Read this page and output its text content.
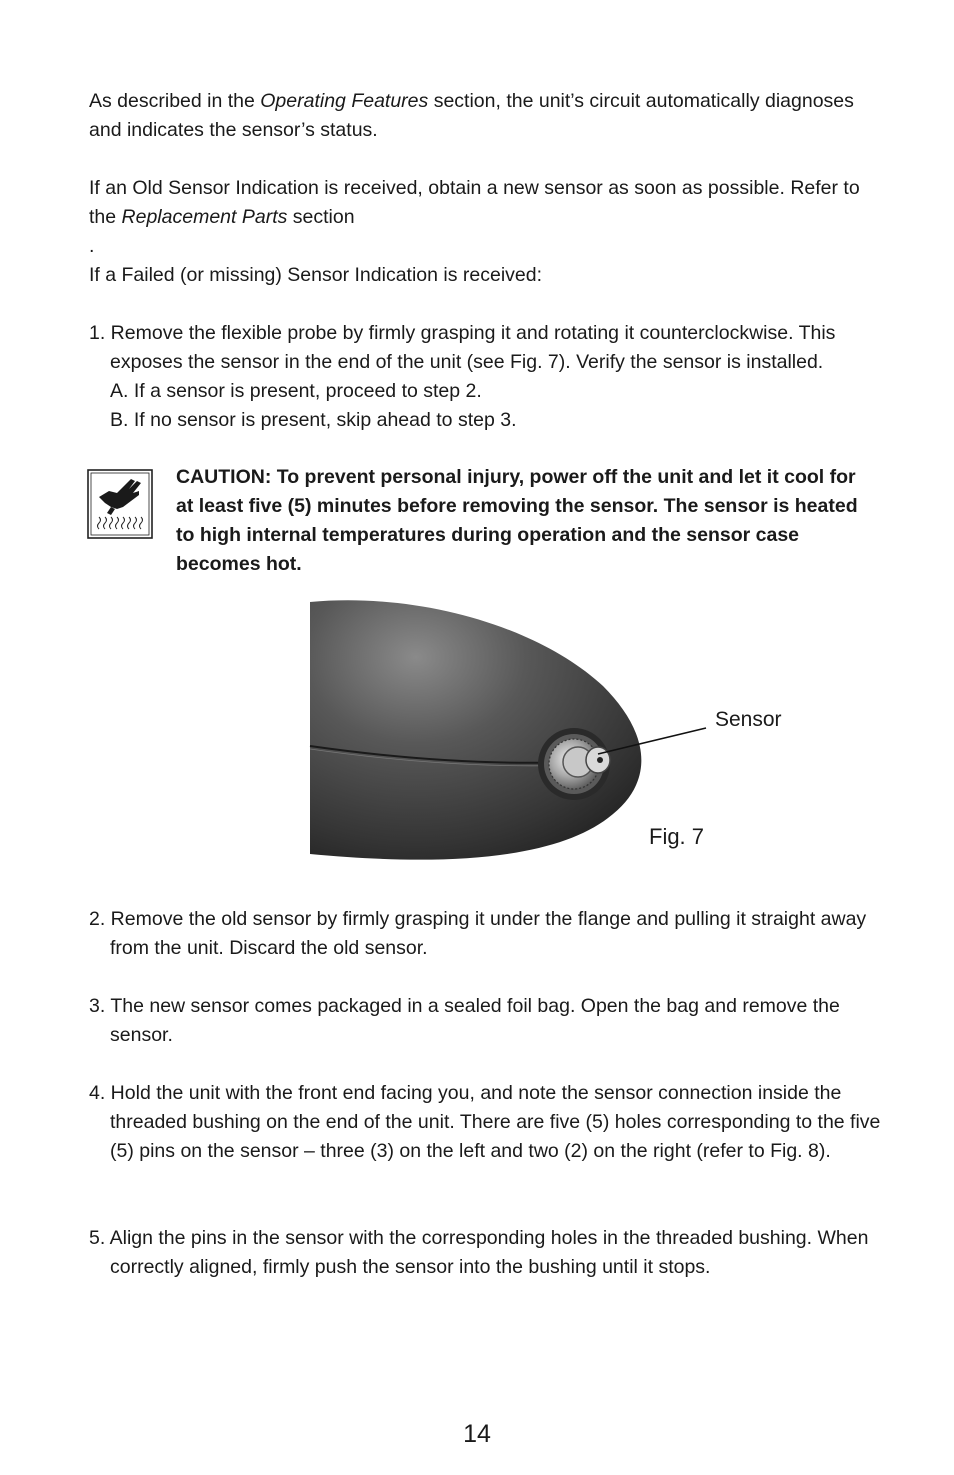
As described in the Operating Features section, the unit’s circuit automatically diagnoses and indicates the sensor’s status.

If an Old Sensor Indication is received, obtain a new sensor as soon as possible. Refer to the Replacement Parts section

.

If a Failed (or missing) Sensor Indication is received:

1. Remove the flexible probe by firmly grasping it and rotating it counterclockwise. This exposes the sensor in the end of the unit (see Fig. 7). Verify the sensor is installed.

A. If a sensor is present, proceed to step 2.

B. If no sensor is present, skip ahead to step 3.

CAUTION: To prevent personal injury, power off the unit and let it cool for at least five (5) minutes before removing the sensor. The sensor is heated to high internal temperatures during operation and the sensor case becomes hot.

Sensor
Fig. 7

2. Remove the old sensor by firmly grasping it under the flange and pulling it straight away from the unit. Discard the old sensor.

3. The new sensor comes packaged in a sealed foil bag. Open the bag and remove the sensor.

4. Hold the unit with the front end facing you, and note the sensor connection inside the threaded bushing on the end of the unit. There are five (5) holes corresponding to the five (5) pins on the sensor – three (3) on the left and two (2) on the right (refer to Fig. 8).

5. Align the pins in the sensor with the corresponding holes in the threaded bushing. When correctly aligned, firmly push the sensor into the bushing until it stops.

14
